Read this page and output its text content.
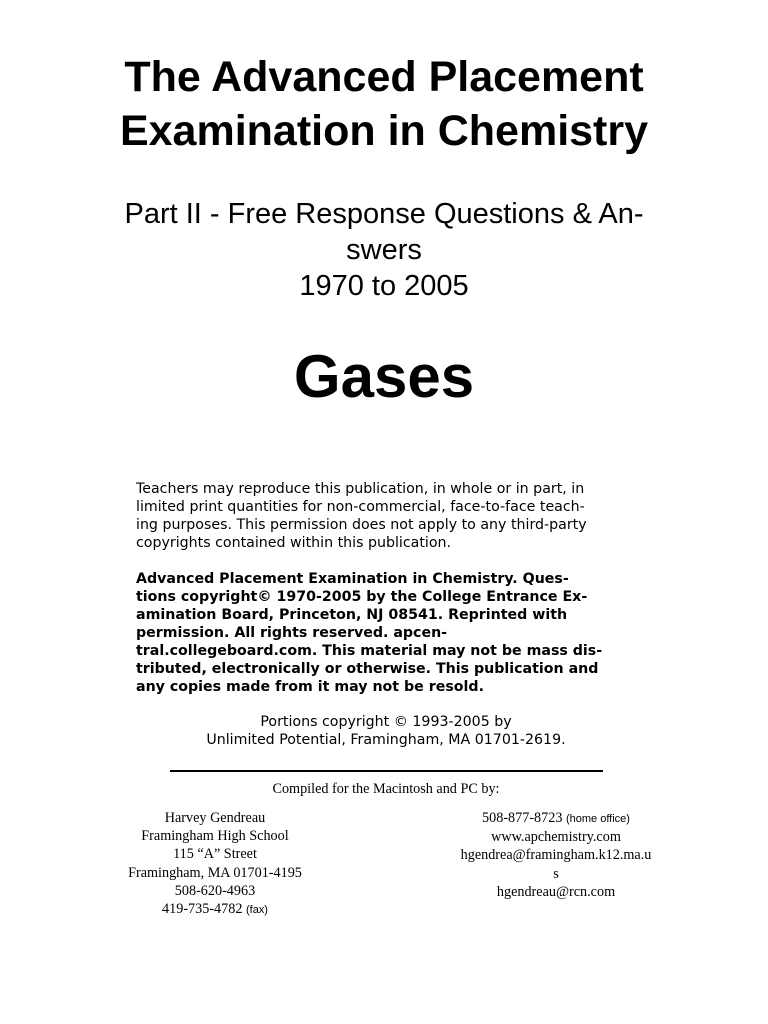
The Advanced Placement
Examination in Chemistry
Part II - Free Response Questions & An-
swers
1970 to 2005
Gases
Teachers may reproduce this publication, in whole or in part, in
limited print quantities for non-commercial, face-to-face teach-
ing purposes. This permission does not apply to any third-party
copyrights contained within this publication.
Advanced Placement Examination in Chemistry. Ques-
tions copyright© 1970-2005 by the College Entrance Ex-
amination Board, Princeton, NJ 08541. Reprinted with
permission. All rights reserved. apcen-
tral.collegeboard.com. This material may not be mass dis-
tributed, electronically or otherwise. This publication and
any copies made from it may not be resold.
Portions copyright © 1993-2005 by
Unlimited Potential, Framingham, MA 01701-2619.
Compiled for the Macintosh and PC by:
Harvey Gendreau
Framingham High School
115 “A” Street
Framingham, MA 01701-4195
508-620-4963
419-735-4782 (fax)
508-877-8723 (home office)
www.apchemistry.com
hgendrea@framingham.k12.ma.u
s
hgendreau@rcn.com
